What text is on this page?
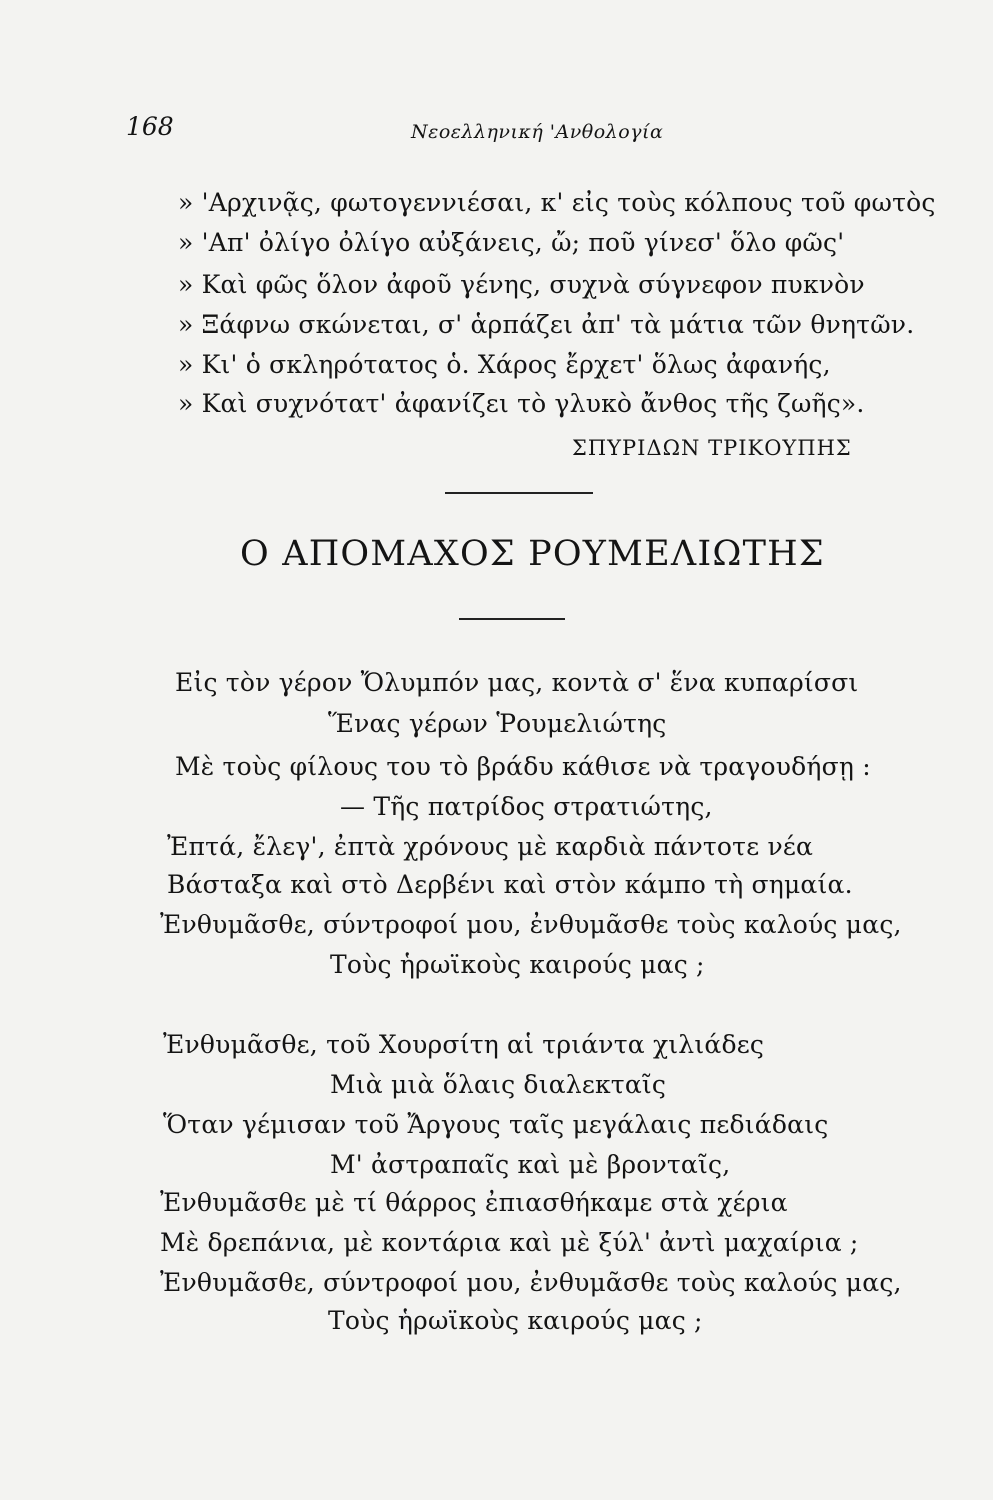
168	Νεοελληνική 'Ανθολογία
» 'Αρχινᾷς, φωτογεννιέσαι, κ' εἰς τοὺς κόλπους τοῦ φωτὸς
» 'Απ' ὀλίγο ὀλίγο αὐξάνεις, ὤ; ποῦ γίνεσ' ὅλο φῶς'
» Καὶ φῶς ὅλον ἀφοῦ γένης, συχνὰ σύγνεφον πυκνὸν
» Ξάφνω σκώνεται, σ' ἁρπάζει ἀπ' τὰ μάτια τῶν θνητῶν.
» Κι' ὁ σκληρότατος ὁ. Χάρος ἔρχετ' ὅλως ἀφανής,
» Καὶ συχνότατ' ἀφανίζει τὸ γλυκὸ ἄνθος τῆς ζωῆς».
ΣΠΥΡΙΔΩΝ ΤΡΙΚΟΥΠΗΣ
Ο ΑΠΟΜΑΧΟΣ ΡΟΥΜΕΛΙΩΤΗΣ
Εἰς τὸν γέρον Ὄλυμπόν μας, κοντὰ σ' ἕνα κυπαρίσσι
Ἕνας γέρων Ῥουμελιώτης
Μὲ τοὺς φίλους του τὸ βράδυ κάθισε νὰ τραγουδήσῃ :
— Τῆς πατρίδος στρατιώτης,
Ἐπτά, ἔλεγ', ἐπτὰ χρόνους μὲ καρδιὰ πάντοτε νέα
Βάσταξα καὶ στὸ Δερβένι καὶ στὸν κάμπο τὴ σημαία.
Ἐνθυμᾶσθε, σύντροφοί μου, ἐνθυμᾶσθε τοὺς καλούς μας,
Τοὺς ἡρωϊκοὺς καιρούς μας ;
Ἐνθυμᾶσθε, τοῦ Χουρσίτη αἱ τριάντα χιλιάδες
Μιὰ μιὰ ὅλαις διαλεκταῖς
Ὅταν γέμισαν τοῦ Ἄργους ταῖς μεγάλαις πεδιάδαις
Μ' ἀστραπαῖς καὶ μὲ βρονταῖς,
Ἐνθυμᾶσθε μὲ τί θάρρος ἐπιασθήκαμε στὰ χέρια
Μὲ δρεπάνια, μὲ κοντάρια καὶ μὲ ξύλ' ἀντὶ μαχαίρια ;
Ἐνθυμᾶσθε, σύντροφοί μου, ἐνθυμᾶσθε τοὺς καλούς μας,
Τοὺς ἡρωϊκοὺς καιρούς μας ;
